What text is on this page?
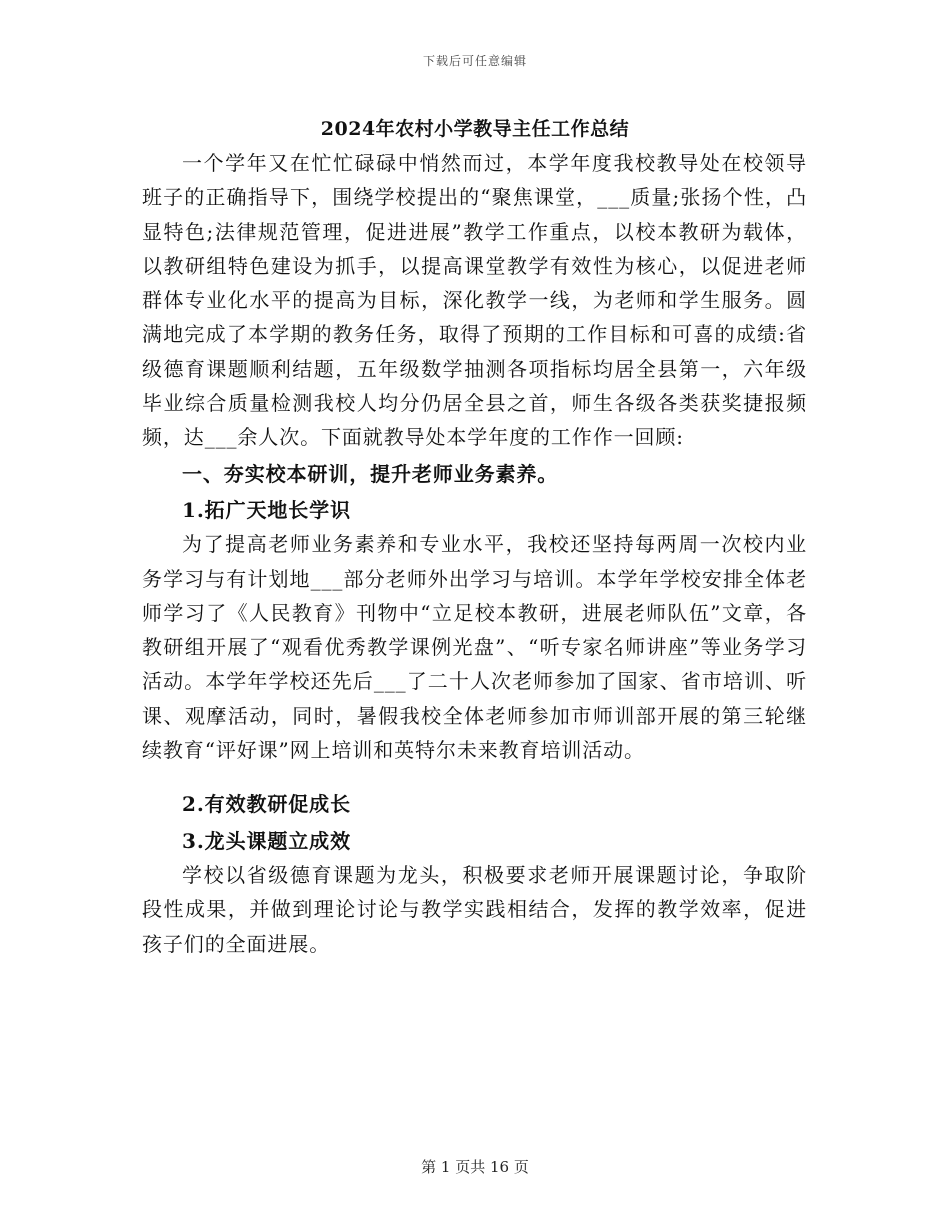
下载后可任意编辑
2024年农村小学教导主任工作总结

一个学年又在忙忙碌碌中悄然而过，本学年度我校教导处在校领导班子的正确指导下，围绕学校提出的“聚焦课堂，___质量;张扬个性，凸显特色;法律规范管理，促进进展”教学工作重点，以校本教研为载体，以教研组特色建设为抓手，以提高课堂教学有效性为核心，以促进老师群体专业化水平的提高为目标，深化教学一线，为老师和学生服务。圆满地完成了本学期的教务任务，取得了预期的工作目标和可喜的成绩:省级德育课题顺利结题，五年级数学抽测各项指标均居全县第一，六年级毕业综合质量检测我校人均分仍居全县之首，师生各级各类获奖捷报频频，达___余人次。下面就教导处本学年度的工作作一回顾:

一、夯实校本研训，提升老师业务素养。

1.拓广天地长学识

为了提高老师业务素养和专业水平，我校还坚持每两周一次校内业务学习与有计划地___部分老师外出学习与培训。本学年学校安排全体老师学习了《人民教育》刊物中“立足校本教研，进展老师队伍”文章，各教研组开展了“观看优秀教学课例光盘”、“听专家名师讲座”等业务学习活动。本学年学校还先后___了二十人次老师参加了国家、省市培训、听课、观摩活动，同时，暑假我校全体老师参加市师训部开展的第三轮继续教育“评好课”网上培训和英特尔未来教育培训活动。

2.有效教研促成长

3.龙头课题立成效

学校以省级德育课题为龙头，积极要求老师开展课题讨论，争取阶段性成果，并做到理论讨论与教学实践相结合，发挥的教学效率，促进孩子们的全面进展。

第 1 页共 16 页
